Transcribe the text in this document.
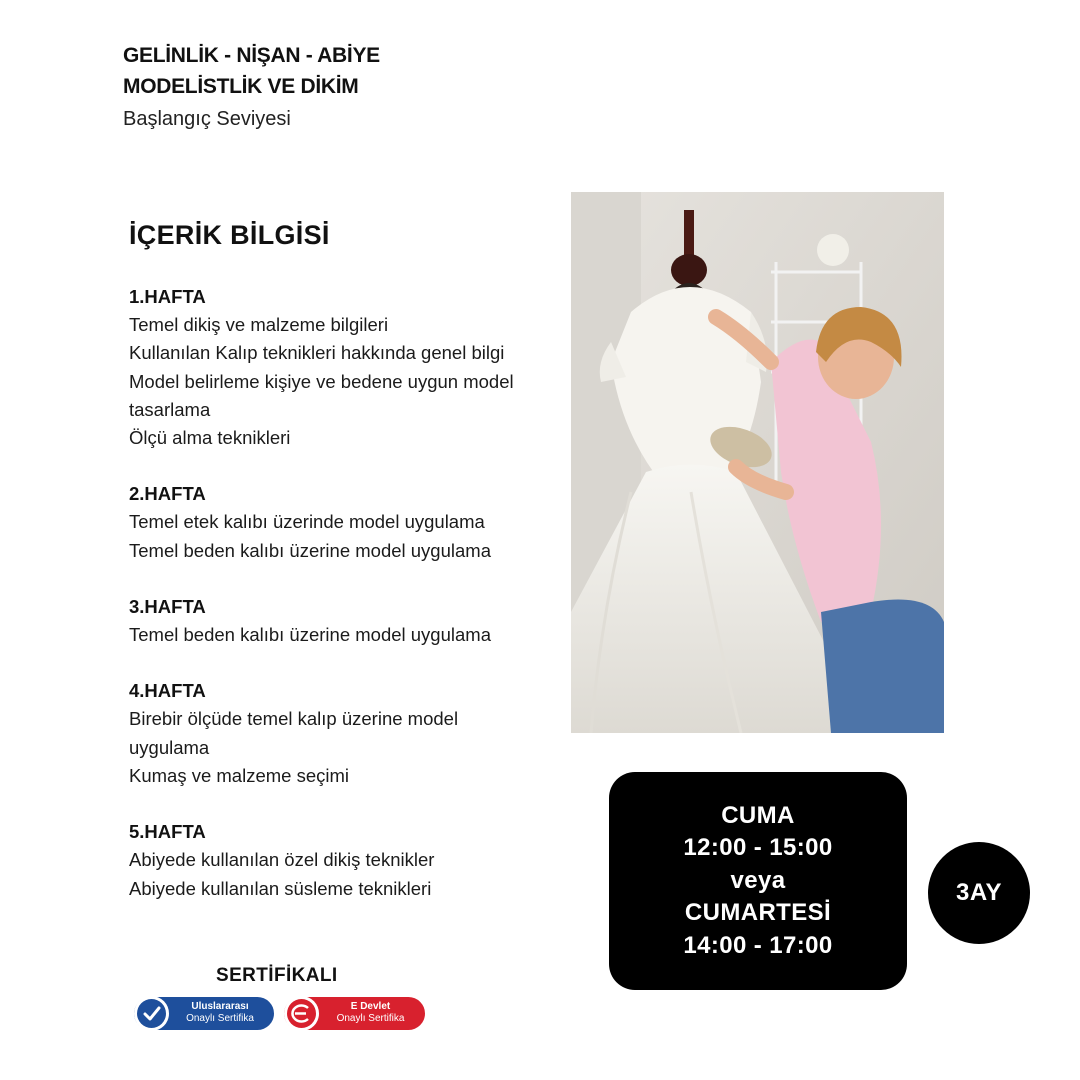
GELİNLİK - NİŞAN - ABİYE
MODELİSTLİK VE DİKİM
Başlangıç Seviyesi
İÇERİK BİLGİSİ
1.HAFTA
Temel dikiş ve malzeme bilgileri
Kullanılan Kalıp teknikleri hakkında genel bilgi
Model belirleme kişiye ve bedene uygun model
tasarlama
Ölçü alma teknikleri
2.HAFTA
Temel etek kalıbı üzerinde model uygulama
Temel beden kalıbı üzerine model uygulama
3.HAFTA
Temel beden kalıbı üzerine model uygulama
4.HAFTA
Birebir ölçüde temel kalıp üzerine model
uygulama
Kumaş ve malzeme seçimi
5.HAFTA
Abiyede kullanılan özel dikiş teknikler
Abiyede kullanılan süsleme teknikleri
CUMA
12:00 - 15:00
veya
CUMARTESİ
14:00 - 17:00
3AY
SERTİFİKALI
Uluslararası
Onaylı Sertifika
E Devlet
Onaylı Sertifika
